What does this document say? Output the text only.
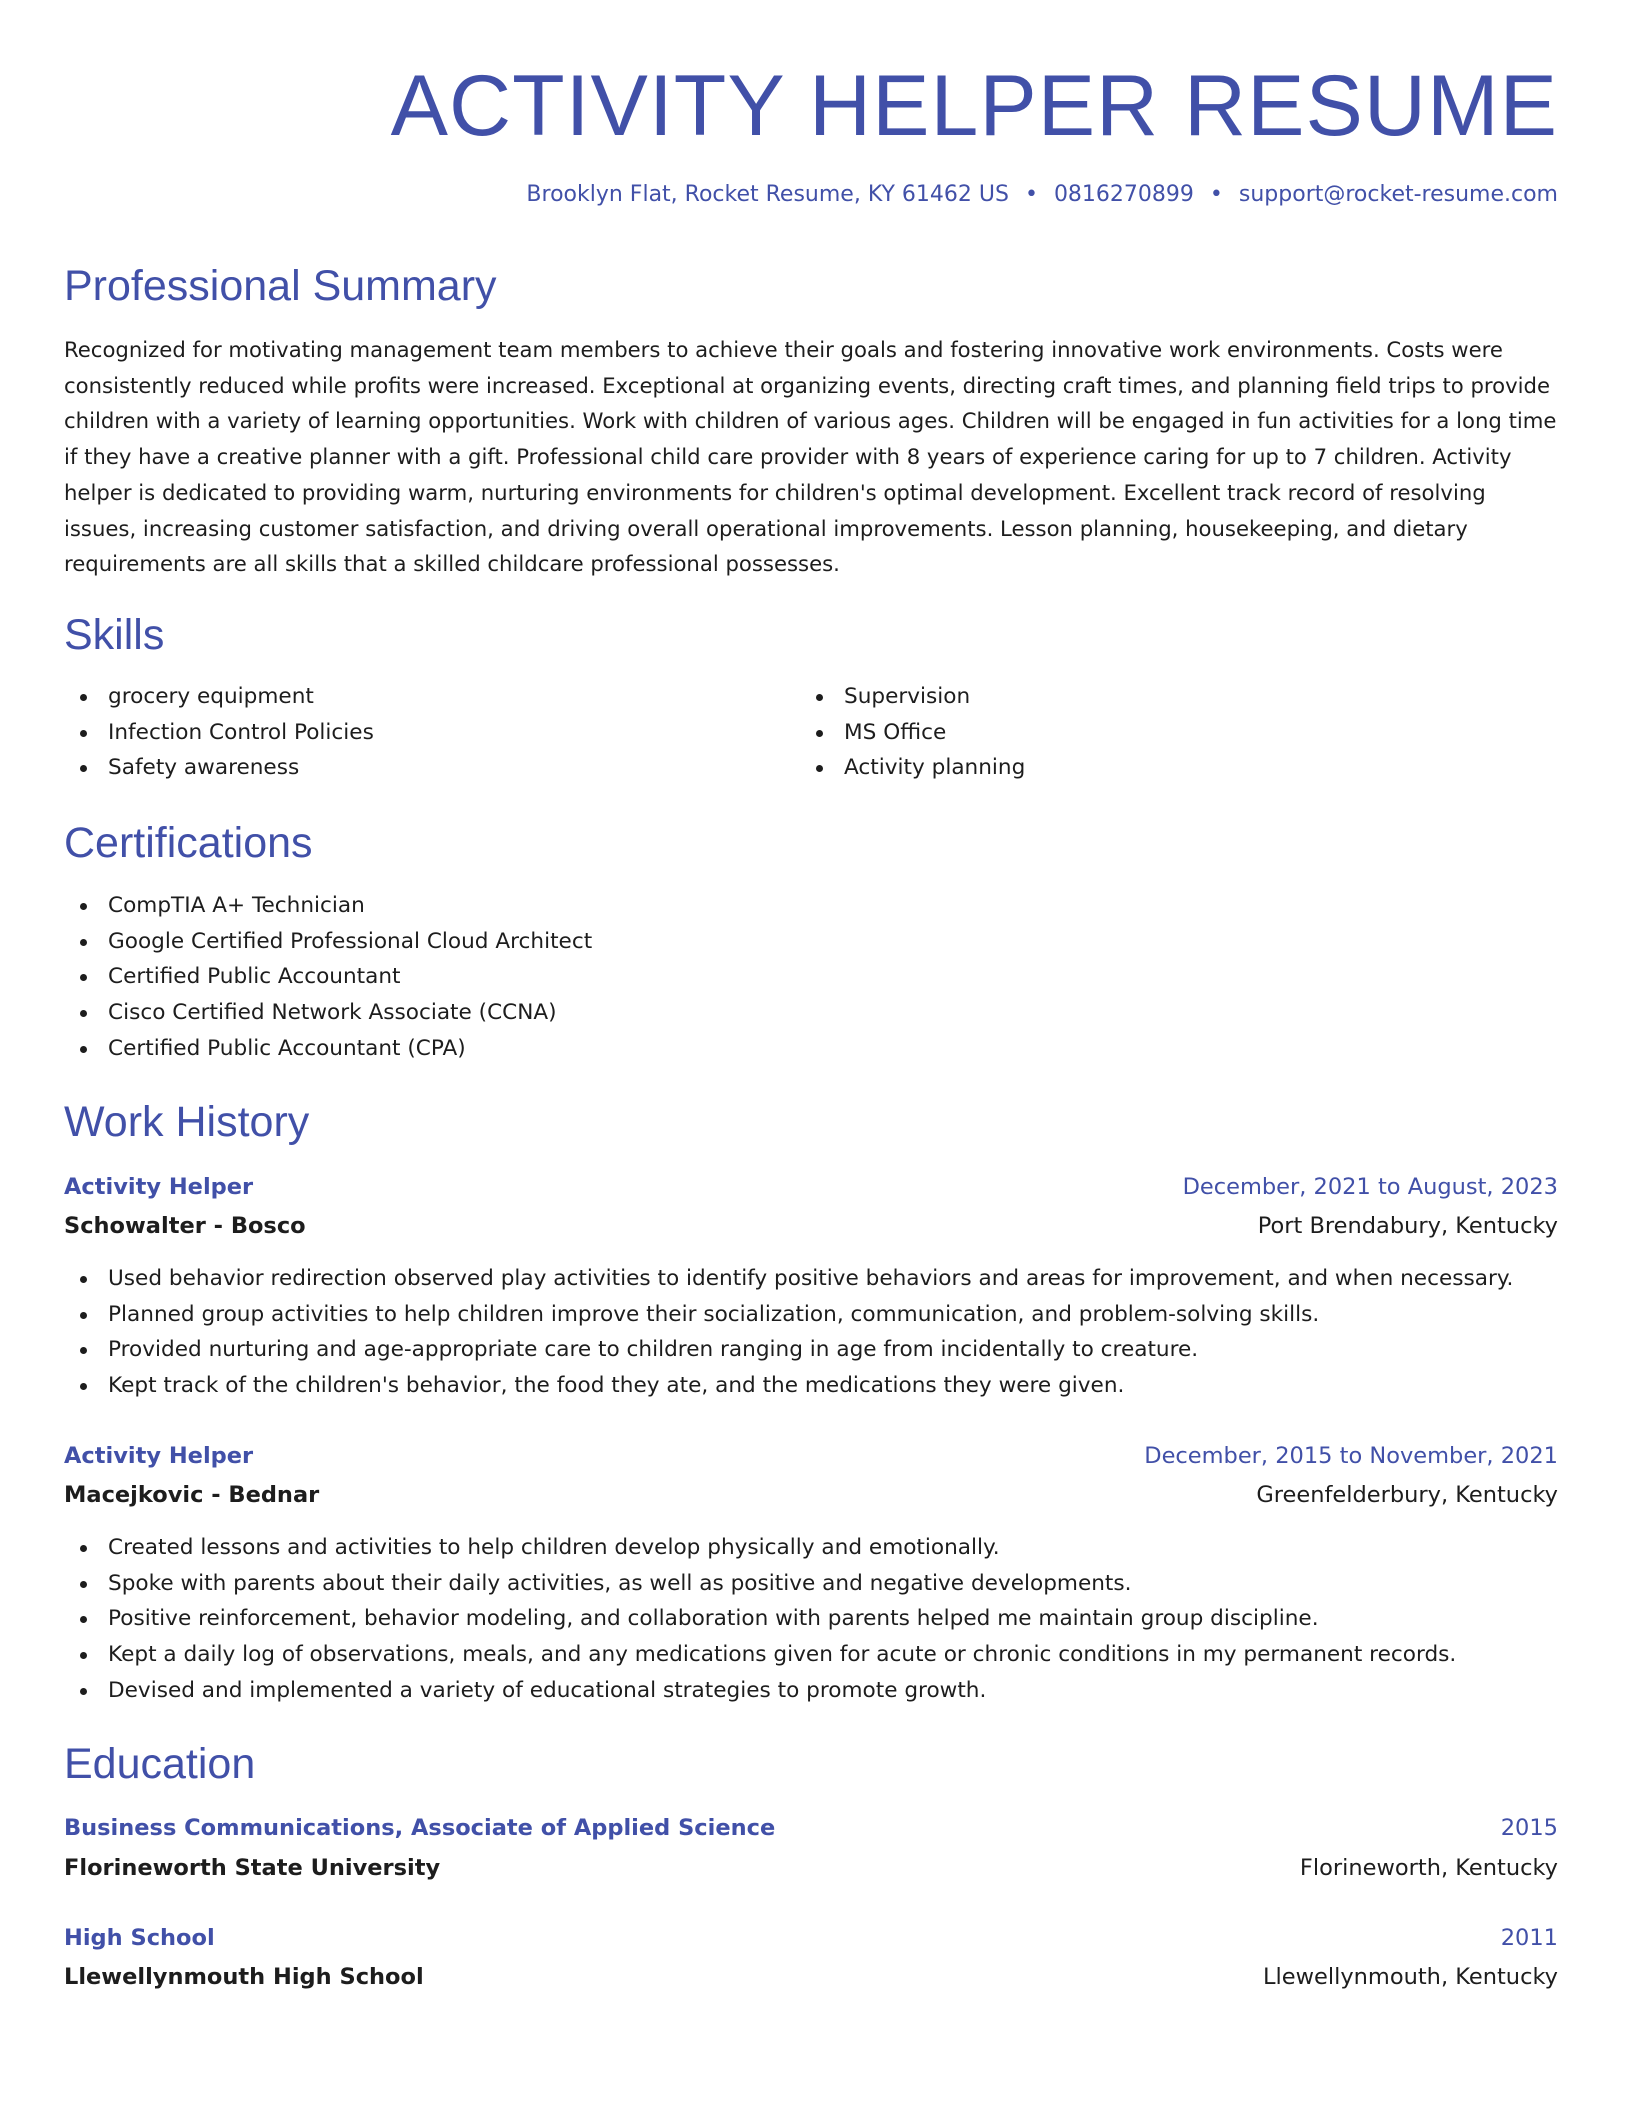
ACTIVITY HELPER RESUME
Brooklyn Flat, Rocket Resume, KY 61462 US • 0816270899 • support@rocket-resume.com
Professional Summary
Recognized for motivating management team members to achieve their goals and fostering innovative work environments. Costs were consistently reduced while profits were increased. Exceptional at organizing events, directing craft times, and planning field trips to provide children with a variety of learning opportunities. Work with children of various ages. Children will be engaged in fun activities for a long time if they have a creative planner with a gift. Professional child care provider with 8 years of experience caring for up to 7 children. Activity helper is dedicated to providing warm, nurturing environments for children's optimal development. Excellent track record of resolving issues, increasing customer satisfaction, and driving overall operational improvements. Lesson planning, housekeeping, and dietary requirements are all skills that a skilled childcare professional possesses.
Skills
grocery equipment
Infection Control Policies
Safety awareness
Supervision
MS Office
Activity planning
Certifications
CompTIA A+ Technician
Google Certified Professional Cloud Architect
Certified Public Accountant
Cisco Certified Network Associate (CCNA)
Certified Public Accountant (CPA)
Work History
Activity Helper	December, 2021 to August, 2023
Schowalter - Bosco	Port Brendabury, Kentucky
Used behavior redirection observed play activities to identify positive behaviors and areas for improvement, and when necessary.
Planned group activities to help children improve their socialization, communication, and problem-solving skills.
Provided nurturing and age-appropriate care to children ranging in age from incidentally to creature.
Kept track of the children's behavior, the food they ate, and the medications they were given.
Activity Helper	December, 2015 to November, 2021
Macejkovic - Bednar	Greenfelderbury, Kentucky
Created lessons and activities to help children develop physically and emotionally.
Spoke with parents about their daily activities, as well as positive and negative developments.
Positive reinforcement, behavior modeling, and collaboration with parents helped me maintain group discipline.
Kept a daily log of observations, meals, and any medications given for acute or chronic conditions in my permanent records.
Devised and implemented a variety of educational strategies to promote growth.
Education
Business Communications, Associate of Applied Science	2015
Florineworth State University	Florineworth, Kentucky
High School	2011
Llewellynmouth High School	Llewellynmouth, Kentucky
